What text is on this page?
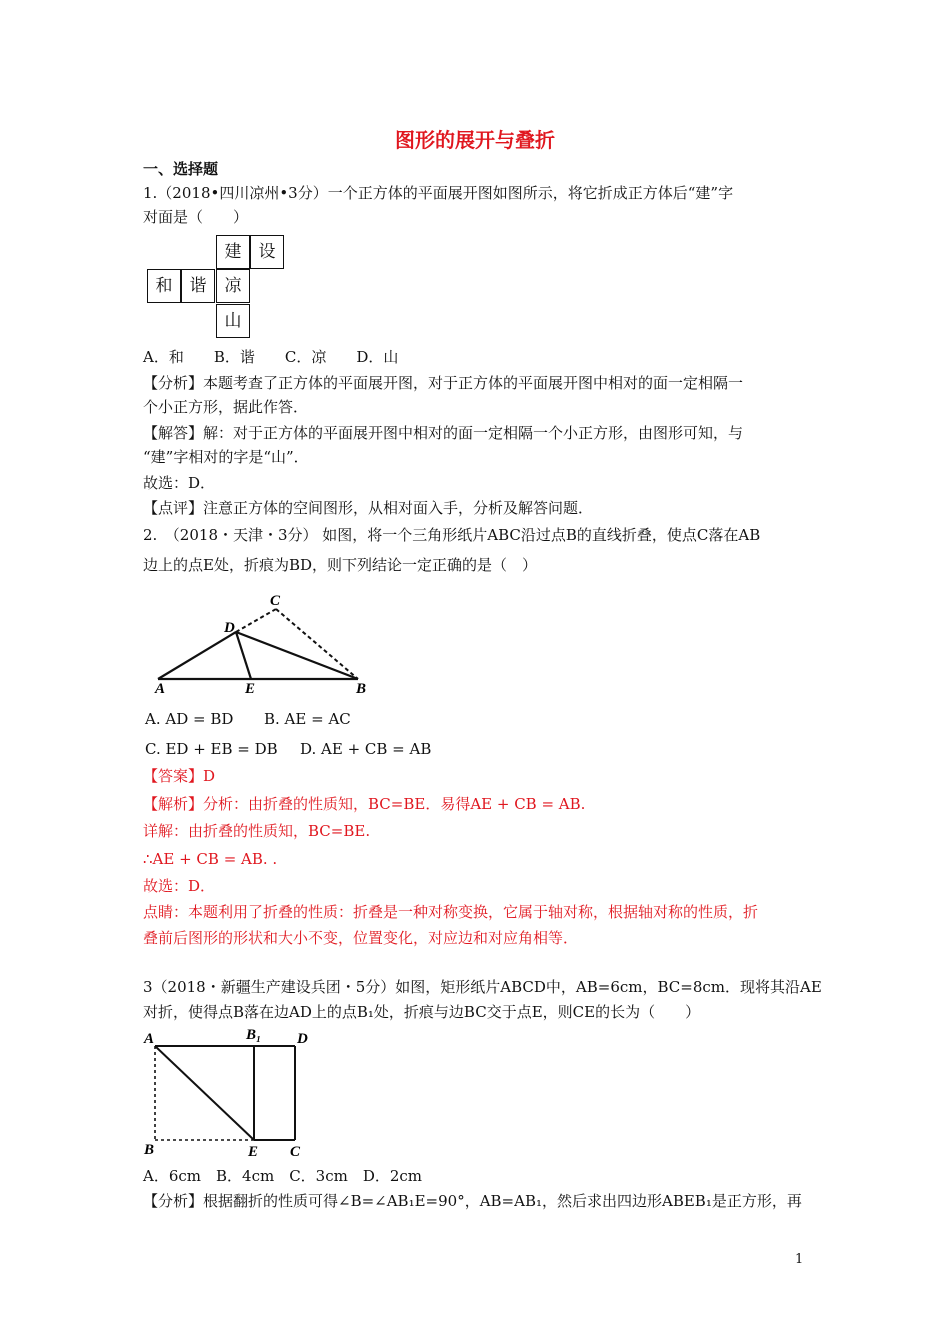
图形的展开与叠折
一、选择题
1.（2018•四川凉州•3分）一个正方体的平面展开图如图所示，将它折成正方体后“建”字
对面是（　　）
建	设
和	谐	凉
山
A．和　　B．谐　　C．凉　　D．山
【分析】本题考查了正方体的平面展开图，对于正方体的平面展开图中相对的面一定相隔一
个小正方形，据此作答．
【解答】解：对于正方体的平面展开图中相对的面一定相隔一个小正方形，由图形可知，与
“建”字相对的字是“山”．
故选：D．
【点评】注意正方体的空间图形，从相对面入手，分析及解答问题．
2.　（2018・天津・3分） 如图，将一个三角形纸片ABC沿过点B的直线折叠，使点C落在AB
边上的点E处，折痕为BD，则下列结论一定正确的是（　）
A	B
C
D
E
A. AD = BD B. AE = AC
C. ED + EB = DB D. AE + CB = AB
【答案】D
【解析】分析：由折叠的性质知，BC=BE．易得AE + CB = AB.
详解：由折叠的性质知，BC=BE.
∴AE + CB = AB. .
故选：D．
点睛：本题利用了折叠的性质：折叠是一种对称变换，它属于轴对称，根据轴对称的性质，折
叠前后图形的形状和大小不变，位置变化，对应边和对应角相等．
3（2018・新疆生产建设兵团・5分）如图，矩形纸片ABCD中，AB=6cm，BC=8cm．现将其沿AE
对折，使得点B落在边AD上的点B₁处，折痕与边BC交于点E，则CE的长为（　　）
A	B₁ D
B	E C
A．6cm　B．4cm　C．3cm　D．2cm
【分析】根据翻折的性质可得∠B=∠AB₁E=90°，AB=AB₁，然后求出四边形ABEB₁是正方形，再
1
